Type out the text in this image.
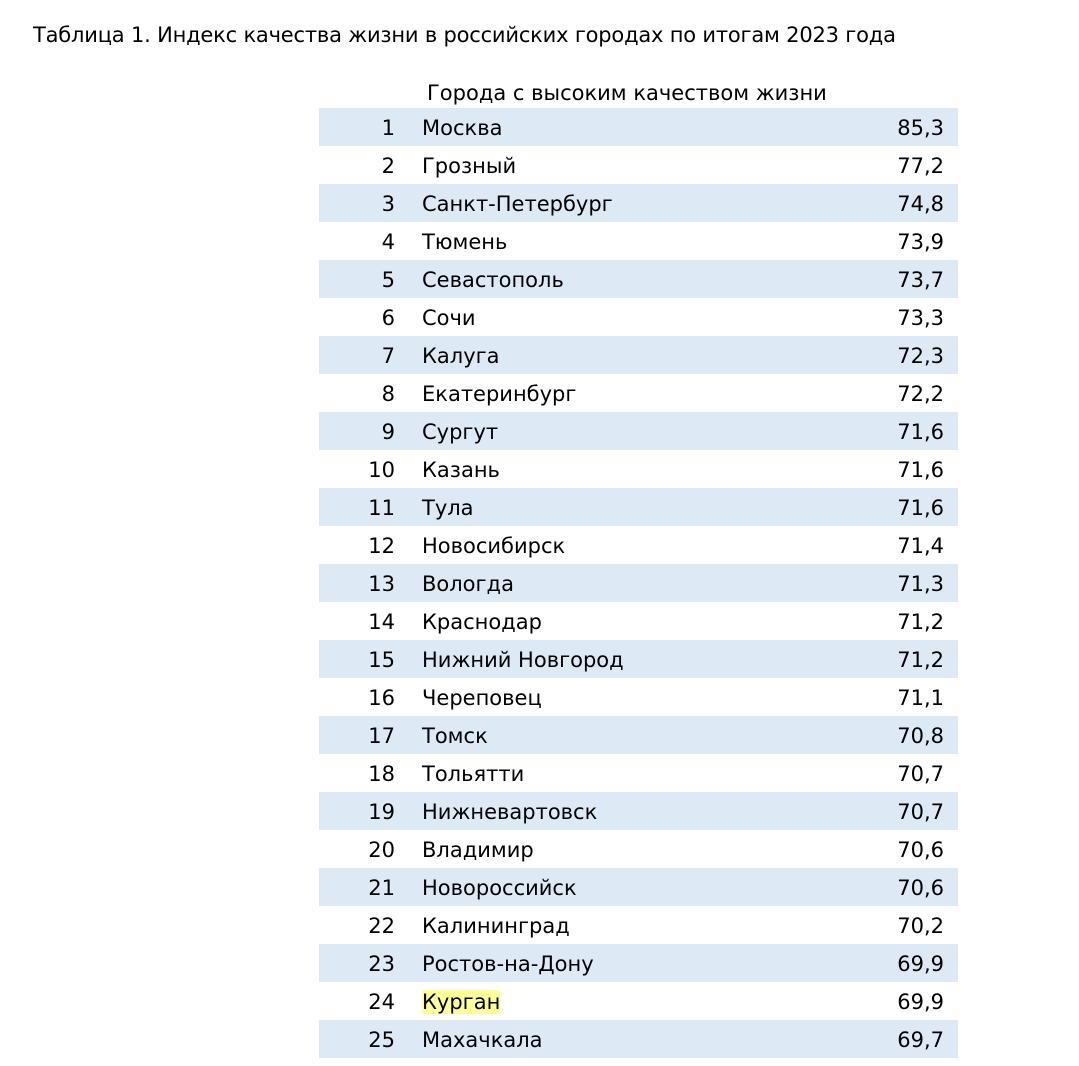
Таблица 1. Индекс качества жизни в российских городах по итогам 2023 года
Города с высоким качеством жизни
1 Москва	85,3
2 Грозный	77,2
3 Санкт-Петербург	74,8
4 Тюмень	73,9
5 Севастополь	73,7
6 Сочи	73,3
7 Калуга	72,3
8 Екатеринбург	72,2
9 Сургут	71,6
10 Казань	71,6
11 Тула	71,6
12 Новосибирск	71,4
13 Вологда	71,3
14 Краснодар	71,2
15 Нижний Новгород	71,2
16 Череповец	71,1
17 Томск	70,8
18 Тольятти	70,7
19 Нижневартовск	70,7
20 Владимир	70,6
21 Новороссийск	70,6
22 Калининград	70,2
23 Ростов-на-Дону	69,9
24 Курган	69,9
25 Махачкала	69,7
